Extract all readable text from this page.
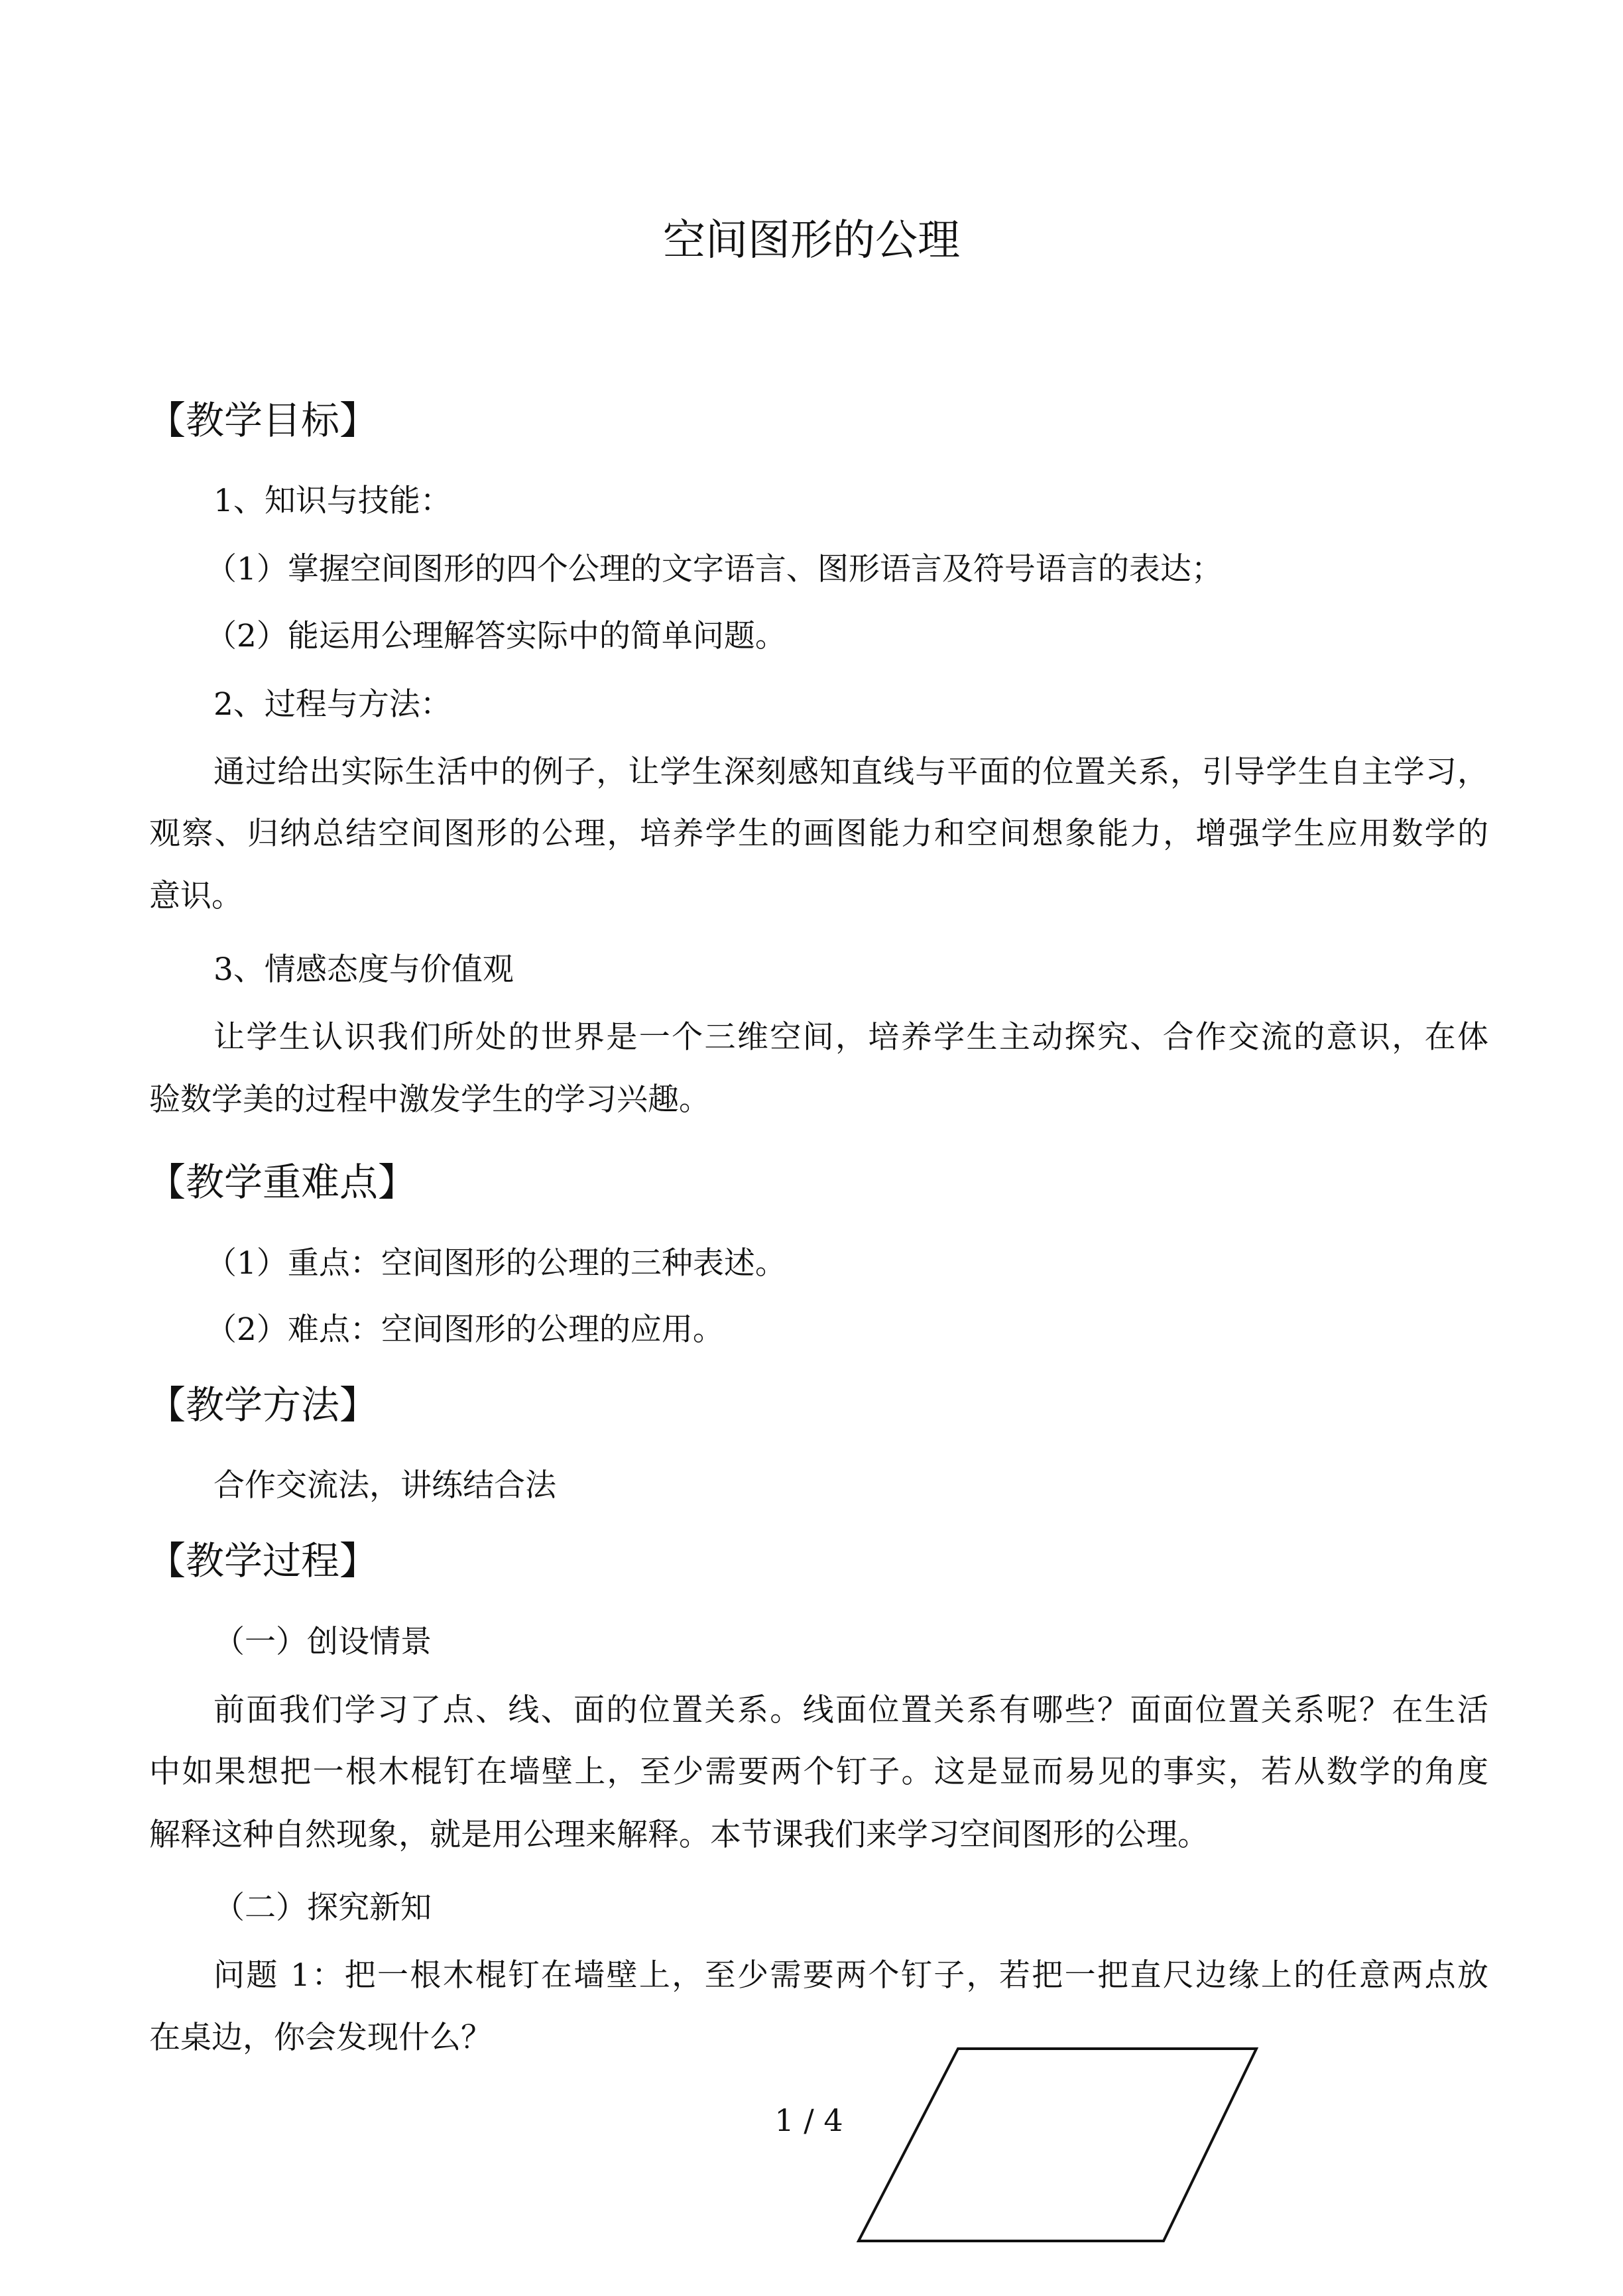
空间图形的公理
【教学目标】
1、知识与技能：
（1）掌握空间图形的四个公理的文字语言、图形语言及符号语言的表达；
（2）能运用公理解答实际中的简单问题。
2、过程与方法：
通过给出实际生活中的例子，让学生深刻感知直线与平面的位置关系，引导学生自主学习，
观察、归纳总结空间图形的公理，培养学生的画图能力和空间想象能力，增强学生应用数学的
意识。
3、情感态度与价值观
让学生认识我们所处的世界是一个三维空间，培养学生主动探究、合作交流的意识，在体
验数学美的过程中激发学生的学习兴趣。
【教学重难点】
（1）重点：空间图形的公理的三种表述。
（2）难点：空间图形的公理的应用。
【教学方法】
合作交流法，讲练结合法
【教学过程】
（一）创设情景
前面我们学习了点、线、面的位置关系。线面位置关系有哪些？面面位置关系呢？在生活
中如果想把一根木棍钉在墙壁上，至少需要两个钉子。这是显而易见的事实，若从数学的角度
解释这种自然现象，就是用公理来解释。本节课我们来学习空间图形的公理。
（二）探究新知
问题 1：把一根木棍钉在墙壁上，至少需要两个钉子，若把一把直尺边缘上的任意两点放
在桌边，你会发现什么？
1 / 4
